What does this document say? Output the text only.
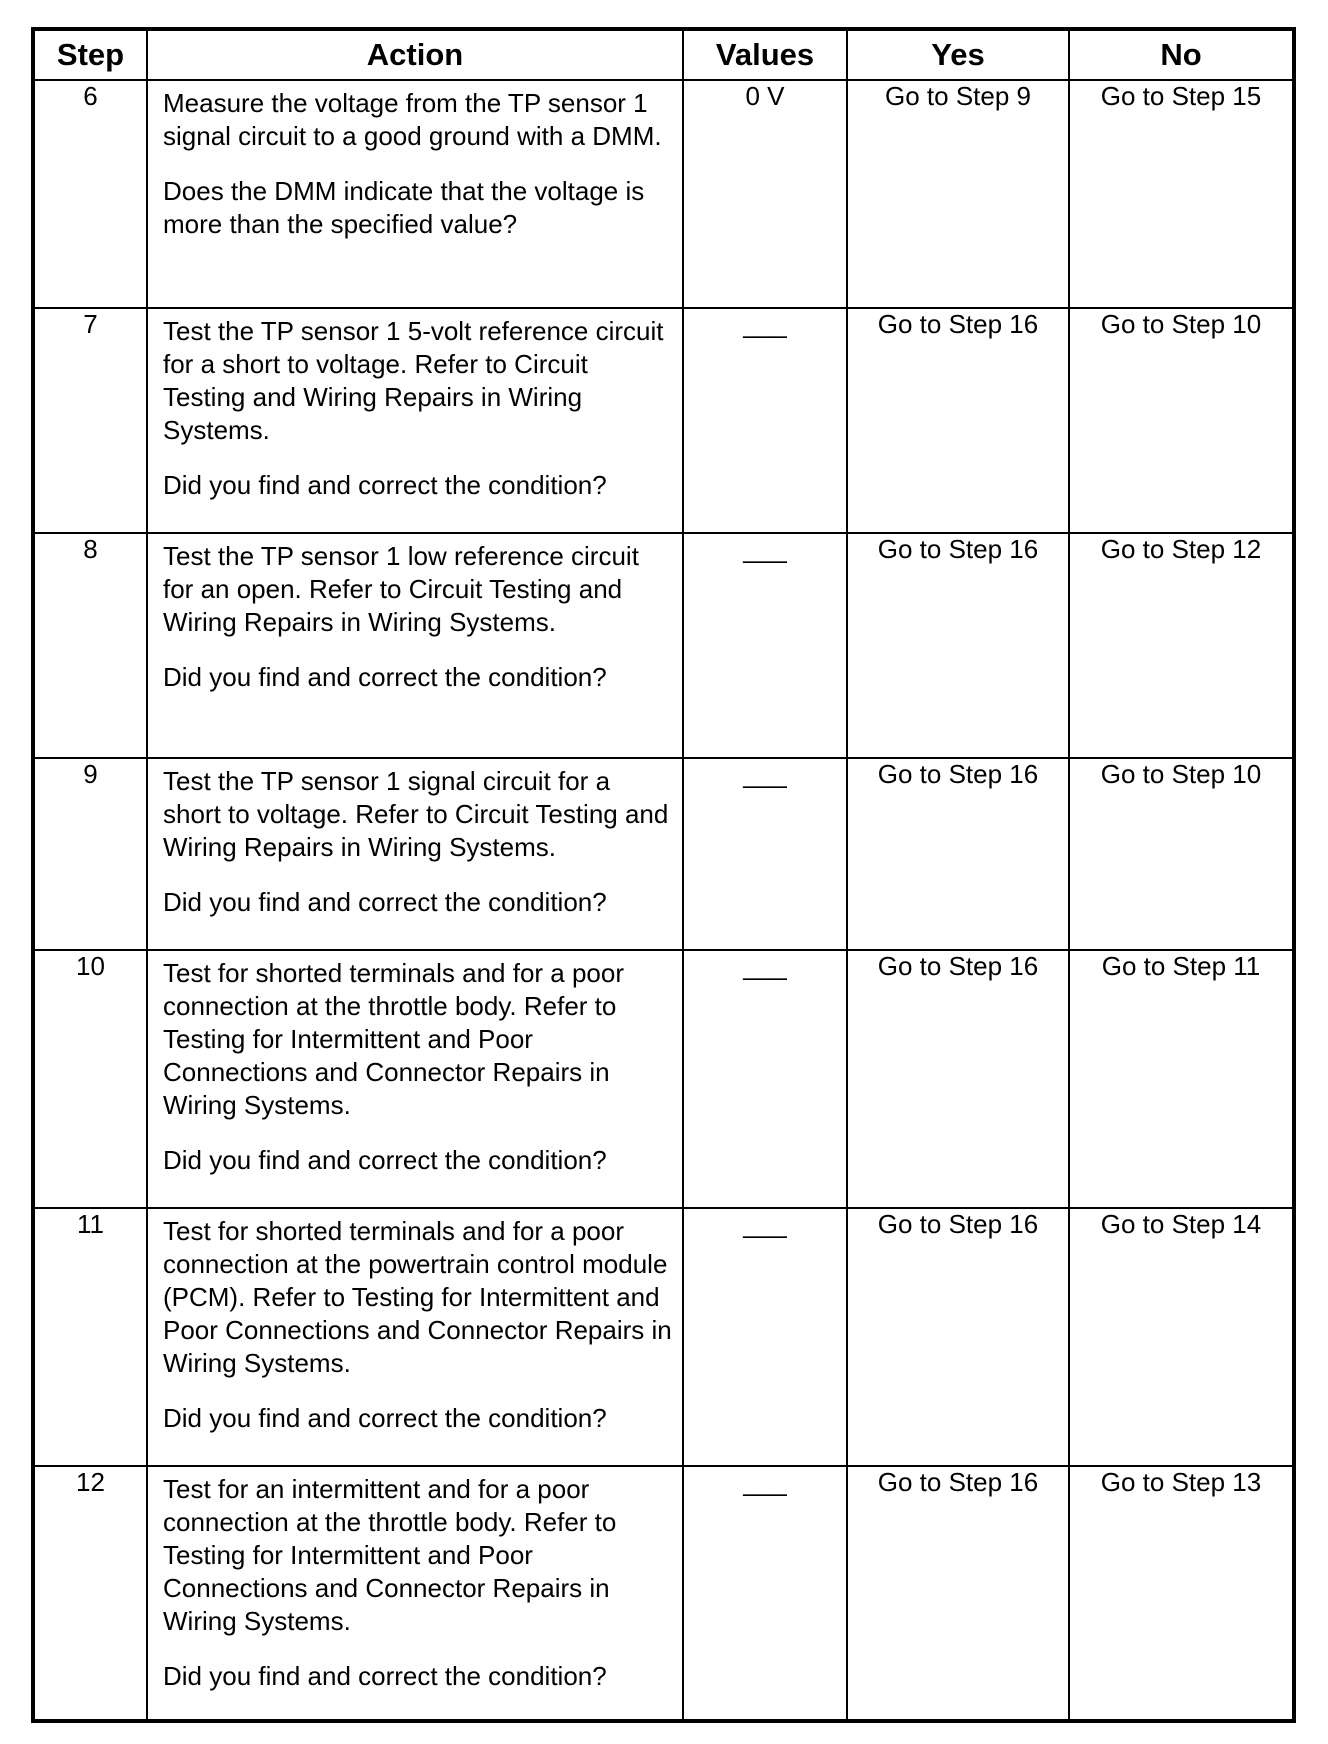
Step	Action	Values	Yes	No
6	Measure the voltage from the TP sensor 1 signal circuit to a good ground with a DMM.

Does the DMM indicate that the voltage is more than the specified value?	0 V	Go to Step 9	Go to Step 15
7	Test the TP sensor 1 5-volt reference circuit for a short to voltage. Refer to Circuit Testing and Wiring Repairs in Wiring Systems.

Did you find and correct the condition?	___	Go to Step 16	Go to Step 10
8	Test the TP sensor 1 low reference circuit for an open. Refer to Circuit Testing and Wiring Repairs in Wiring Systems.

Did you find and correct the condition?	___	Go to Step 16	Go to Step 12
9	Test the TP sensor 1 signal circuit for a short to voltage. Refer to Circuit Testing and Wiring Repairs in Wiring Systems.

Did you find and correct the condition?	___	Go to Step 16	Go to Step 10
10	Test for shorted terminals and for a poor connection at the throttle body. Refer to Testing for Intermittent and Poor Connections and Connector Repairs in Wiring Systems.

Did you find and correct the condition?	___	Go to Step 16	Go to Step 11
11	Test for shorted terminals and for a poor connection at the powertrain control module (PCM). Refer to Testing for Intermittent and Poor Connections and Connector Repairs in Wiring Systems.

Did you find and correct the condition?	___	Go to Step 16	Go to Step 14
12	Test for an intermittent and for a poor connection at the throttle body. Refer to Testing for Intermittent and Poor Connections and Connector Repairs in Wiring Systems.

Did you find and correct the condition?	___	Go to Step 16	Go to Step 13
